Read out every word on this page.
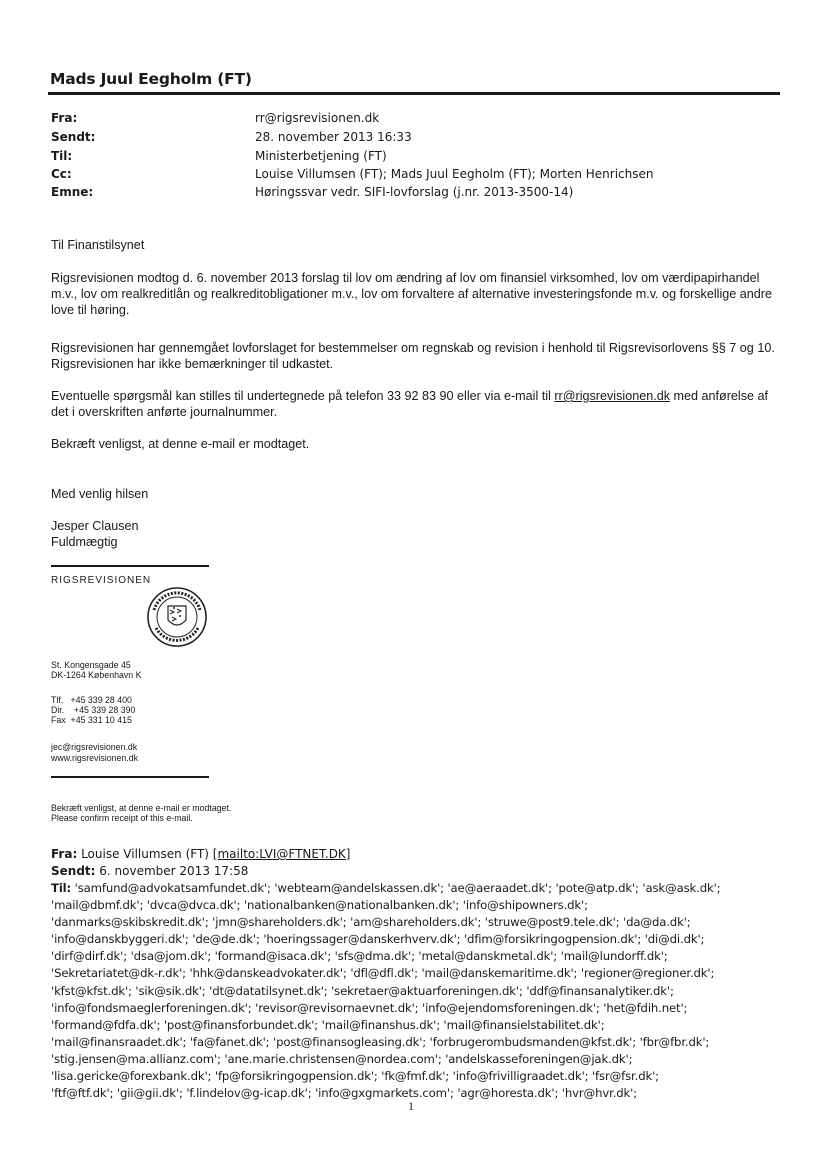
Mads Juul Eegholm (FT)
Fra:	rr@rigsrevisionen.dk
Sendt:	28. november 2013 16:33
Til:	Ministerbetjening (FT)
Cc:	Louise Villumsen (FT); Mads Juul Eegholm (FT); Morten Henrichsen
Emne:	Høringssvar vedr. SIFI-lovforslag (j.nr. 2013-3500-14)
Til Finanstilsynet
Rigsrevisionen modtog d. 6. november 2013 forslag til lov om ændring af lov om finansiel virksomhed, lov om værdipapirhandel m.v., lov om realkreditlån og realkreditobligationer m.v., lov om forvaltere af alternative investeringsfonde m.v. og forskellige andre love til høring.
Rigsrevisionen har gennemgået lovforslaget for bestemmelser om regnskab og revision i henhold til Rigsrevisorlovens §§ 7 og 10. Rigsrevisionen har ikke bemærkninger til udkastet.
Eventuelle spørgsmål kan stilles til undertegnede på telefon 33 92 83 90 eller via e-mail til rr@rigsrevisionen.dk med anførelse af det i overskriften anførte journalnummer.
Bekræft venligst, at denne e-mail er modtaget.
Med venlig hilsen
Jesper Clausen
Fuldmægtig
RIGSREVISIONEN
St. Kongensgade 45
DK-1264 København K
Tlf.   +45 339 28 400
Dir.    +45 339 28 390
Fax  +45 331 10 415
jec@rigsrevisionen.dk
www.rigsrevisionen.dk
Bekræft venligst, at denne e-mail er modtaget.
Please confirm receipt of this e-mail.
Fra: Louise Villumsen (FT) [mailto:LVI@FTNET.DK]
Sendt: 6. november 2013 17:58
Til: 'samfund@advokatsamfundet.dk'; 'webteam@andelskassen.dk'; 'ae@aeraadet.dk'; 'pote@atp.dk'; 'ask@ask.dk';
'mail@dbmf.dk'; 'dvca@dvca.dk'; 'nationalbanken@nationalbanken.dk'; 'info@shipowners.dk';
'danmarks@skibskredit.dk'; 'jmn@shareholders.dk'; 'am@shareholders.dk'; 'struwe@post9.tele.dk'; 'da@da.dk';
'info@danskbyggeri.dk'; 'de@de.dk'; 'hoeringssager@danskerhverv.dk'; 'dfim@forsikringogpension.dk'; 'di@di.dk';
'dirf@dirf.dk'; 'dsa@jom.dk'; 'formand@isaca.dk'; 'sfs@dma.dk'; 'metal@danskmetal.dk'; 'mail@lundorff.dk';
'Sekretariatet@dk-r.dk'; 'hhk@danskeadvokater.dk'; 'dfl@dfl.dk'; 'mail@danskemaritime.dk'; 'regioner@regioner.dk';
'kfst@kfst.dk'; 'sik@sik.dk'; 'dt@datatilsynet.dk'; 'sekretaer@aktuarforeningen.dk'; 'ddf@finansanalytiker.dk';
'info@fondsmaeglerforeningen.dk'; 'revisor@revisornaevnet.dk'; 'info@ejendomsforeningen.dk'; 'het@fdih.net';
'formand@fdfa.dk'; 'post@finansforbundet.dk'; 'mail@finanshus.dk'; 'mail@finansielstabilitet.dk';
'mail@finansraadet.dk'; 'fa@fanet.dk'; 'post@finansogleasing.dk'; 'forbrugerombudsmanden@kfst.dk'; 'fbr@fbr.dk';
'stig.jensen@ma.allianz.com'; 'ane.marie.christensen@nordea.com'; 'andelskasseforeningen@jak.dk';
'lisa.gericke@forexbank.dk'; 'fp@forsikringogpension.dk'; 'fk@fmf.dk'; 'info@frivilligraadet.dk'; 'fsr@fsr.dk';
'ftf@ftf.dk'; 'gii@gii.dk'; 'f.lindelov@g-icap.dk'; 'info@gxgmarkets.com'; 'agr@horesta.dk'; 'hvr@hvr.dk';
1
